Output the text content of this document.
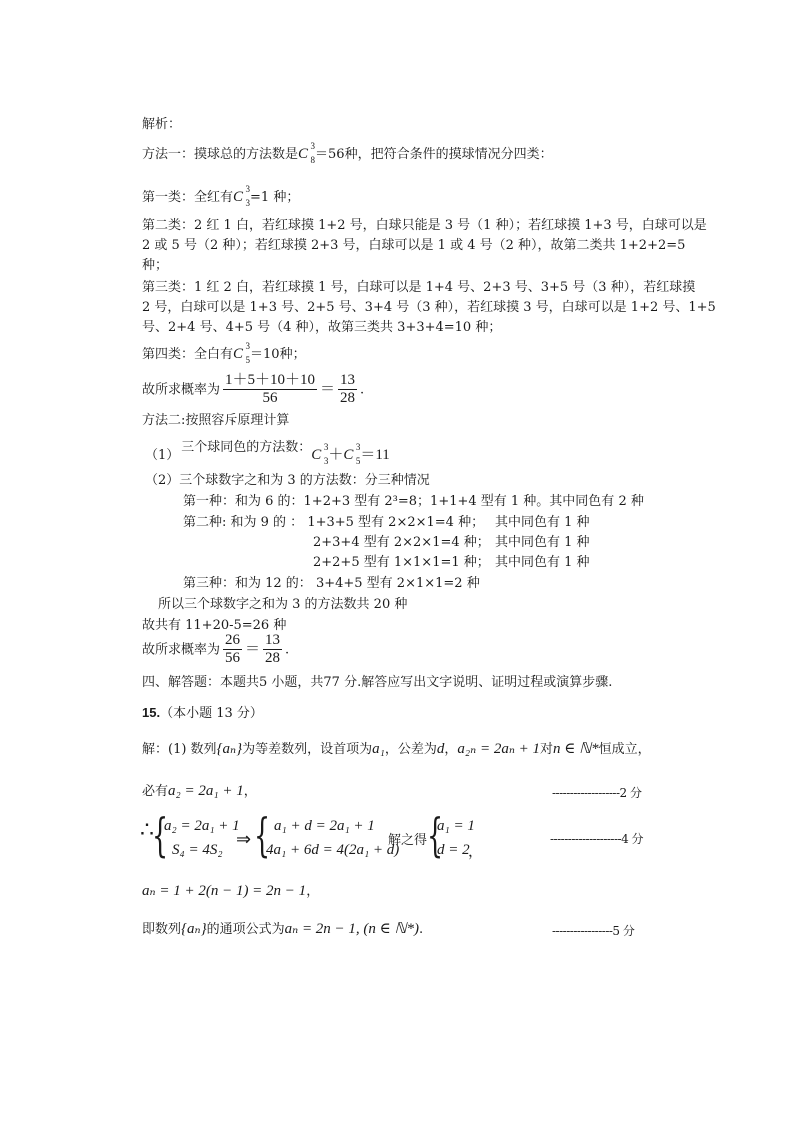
解析：
方法一：摸球总的方法数是C 3
8 ＝56种，把符合条件的摸球情况分四类：
第一类：全红有C 3
3 =1 种；
第二类：2 红 1 白，若红球摸 1+2 号，白球只能是 3 号（1 种）；若红球摸 1+3 号，白球可以是
2 或 5 号（2 种）；若红球摸 2+3 号，白球可以是 1 或 4 号（2 种），故第二类共 1+2+2=5
种；
第三类：1 红 2 白，若红球摸 1 号，白球可以是 1+4 号、2+3 号、3+5 号（3 种），若红球摸
2 号，白球可以是 1+3 号、2+5 号、3+4 号（3 种），若红球摸 3 号，白球可以是 1+2 号、1+5
号、2+4 号、4+5 号（4 种），故第三类共 3+3+4=10 种；
第四类：全白有C 3
5 ＝10种；
故所求概率为 $\frac{1+5+10+10}{56} = \frac{13}{28}$ .
方法二:按照容斥原理计算
（1）三个球同色的方法数：C 3
3 ＋C 3
5 ＝11
（2）三个球数字之和为 3 的方法数：分三种情况
第一种：和为 6 的：1+2+3 型有 2³=8；1+1+4 型有 1 种。其中同色有 2 种
第二种: 和为 9 的 ： 1+3+5 型有 2×2×1=4 种； 其中同色有 1 种
2+3+4 型有 2×2×1=4 种； 其中同色有 1 种
2+2+5 型有 1×1×1=1 种； 其中同色有 1 种
第三种：和为 12 的： 3+4+5 型有 2×1×1=2 种
所以三个球数字之和为 3 的方法数共 20 种
故共有 11+20-5=26 种
故所求概率为 $\frac{26}{56} = \frac{13}{28}$ .
四、解答题：本题共5 小题，共77 分.解答应写出文字说明、证明过程或演算步骤.
15.（本小题 13 分）
解：(1) 数列{aₙ}为等差数列，设首项为a₁，公差为d，a₂ₙ = 2aₙ + 1对n ∈ ℕ*恒成立，
必有a₂ = 2a₁ + 1，	-------------------2 分
∴
{
a₂ = 2a₁ + 1
S₄ = 4S₂
⇒ { a₁ + d = 2a₁ + 1
4a₁ + 6d = 4(2a₁ + d)
解之得 {
a₁ = 1
d = 2
，
--------------------4 分
aₙ = 1 + 2(n − 1) = 2n − 1，
即数列{aₙ}的通项公式为aₙ = 2n − 1, (n ∈ ℕ*).	-----------------5 分
